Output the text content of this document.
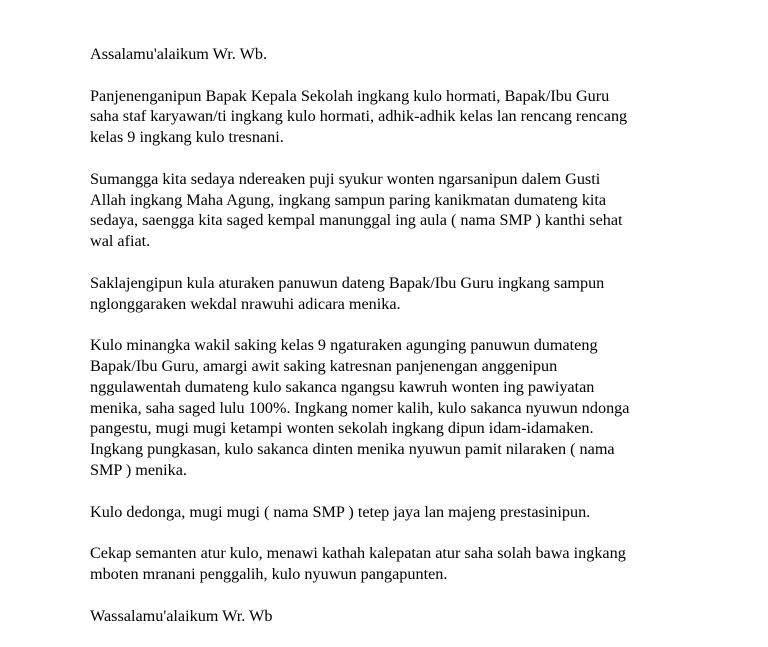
Assalamu'alaikum Wr. Wb.

Panjenenganipun Bapak Kepala Sekolah ingkang kulo hormati, Bapak/Ibu Guru
saha staf karyawan/ti ingkang kulo hormati, adhik-adhik kelas lan rencang rencang
kelas 9 ingkang kulo tresnani.

Sumangga kita sedaya ndereaken puji syukur wonten ngarsanipun dalem Gusti
Allah ingkang Maha Agung, ingkang sampun paring kanikmatan dumateng kita
sedaya, saengga kita saged kempal manunggal ing aula ( nama SMP ) kanthi sehat
wal afiat.

Saklajengipun kula aturaken panuwun dateng Bapak/Ibu Guru ingkang sampun
nglonggaraken wekdal nrawuhi adicara menika.

Kulo minangka wakil saking kelas 9 ngaturaken agunging panuwun dumateng
Bapak/Ibu Guru, amargi awit saking katresnan panjenengan anggenipun
nggulawentah dumateng kulo sakanca ngangsu kawruh wonten ing pawiyatan
menika, saha saged lulu 100%. Ingkang nomer kalih, kulo sakanca nyuwun ndonga
pangestu, mugi mugi ketampi wonten sekolah ingkang dipun idam-idamaken.
Ingkang pungkasan, kulo sakanca dinten menika nyuwun pamit nilaraken ( nama
SMP ) menika.

Kulo dedonga, mugi mugi ( nama SMP ) tetep jaya lan majeng prestasinipun.

Cekap semanten atur kulo, menawi kathah kalepatan atur saha solah bawa ingkang
mboten mranani penggalih, kulo nyuwun pangapunten.

Wassalamu'alaikum Wr. Wb
